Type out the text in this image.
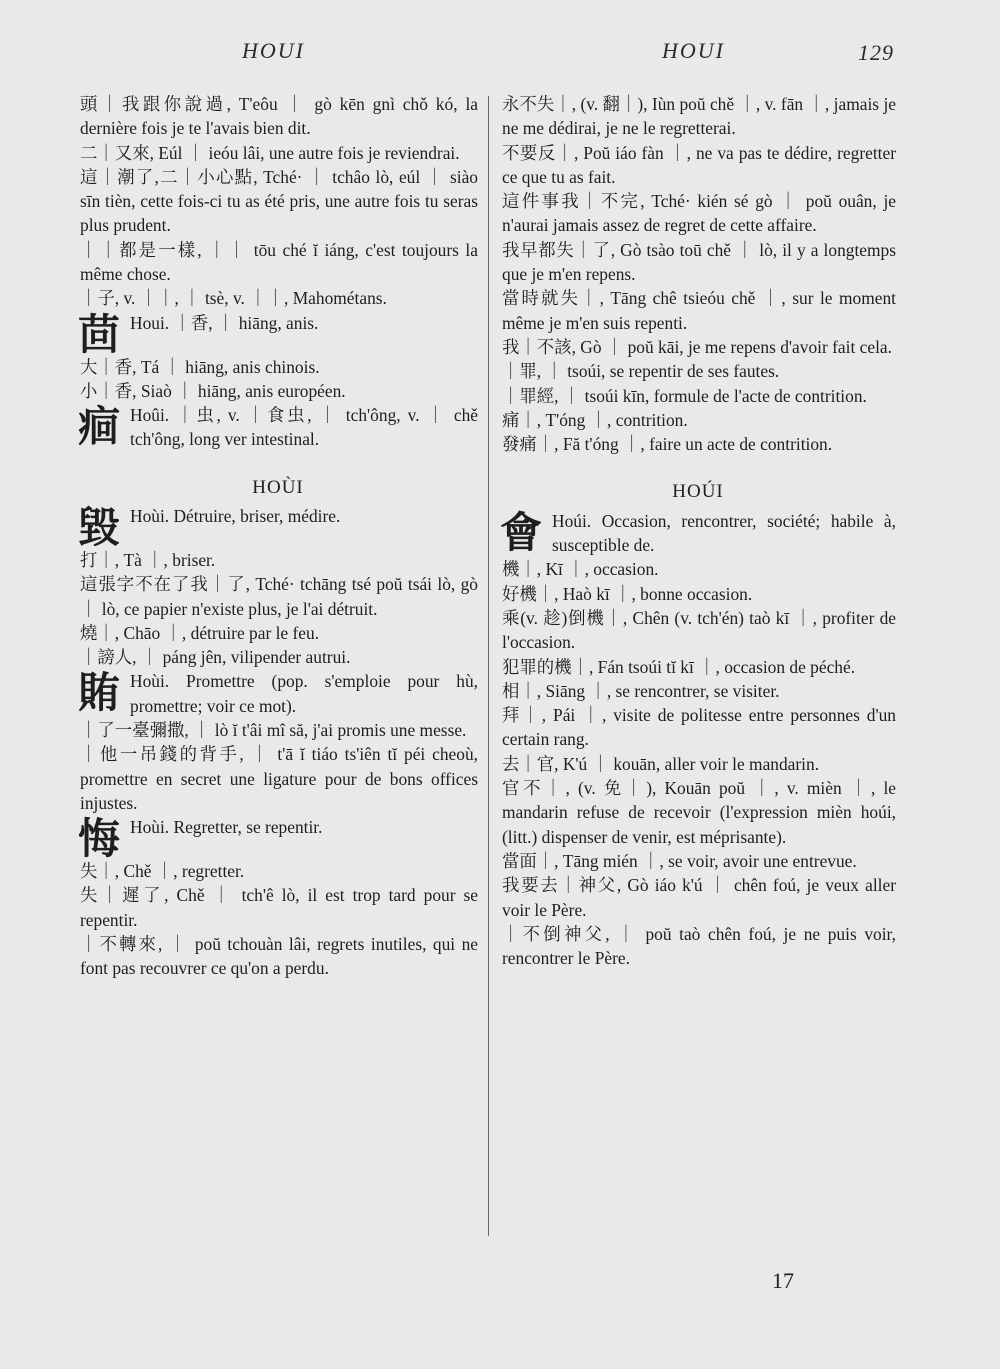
HOUI	HOUI	129

頭｜我跟你說過, T'eôu ｜ gò kēn gnì chǒ kó, la dernière fois je te l'avais bien dit.

二｜又來, Eúl ｜ ieóu lâi, une autre fois je reviendrai.

這｜潮了,二｜小心點, Tché· ｜ tchâo lò, eúl ｜ siào sīn tièn, cette fois-ci tu as été pris, une autre fois tu seras plus prudent.

｜｜都是一樣, ｜｜ tōu ché ĭ iáng, c'est toujours la même chose.

｜子, v. ｜｜, ｜ tsè, v. ｜｜, Mahométans.

茴 Houi. ｜香, ｜ hiāng, anis.

大｜香, Tá ｜ hiāng, anis chinois.

小｜香, Siaò ｜ hiāng, anis européen.

痐 Hoûi. ｜虫, v. ｜食虫, ｜ tch'ông, v. ｜ chě tch'ông, long ver intestinal.

HOÙI

毀 Hoùi. Détruire, briser, médire.

打｜, Tà ｜, briser.

這張字不在了我｜了, Tché· tchāng tsé poŭ tsái lò, gò ｜ lò, ce papier n'existe plus, je l'ai détruit.

燒｜, Chāo ｜, détruire par le feu.

｜謗人, ｜ páng jên, vilipender autrui.

賄 Hoùi. Promettre (pop. s'emploie pour hù, promettre; voir ce mot).

｜了一臺彌撒, ｜ lò ĭ t'âi mî să, j'ai promis une messe.

｜他一吊錢的背手, ｜ t'ā ĭ tiáo ts'iên tĭ péi cheoù, promettre en secret une ligature pour de bons offices injustes.

悔 Hoùi. Regretter, se repentir.

失｜, Chě ｜, regretter.

失｜遲了, Chě ｜ tch'ê lò, il est trop tard pour se repentir.

｜不轉來, ｜ poŭ tchouàn lâi, regrets inutiles, qui ne font pas recouvrer ce qu'on a perdu.

永不失｜, (v. 翻｜), Iùn poŭ chě ｜, v. fān ｜, jamais je ne me dédirai, je ne le regretterai.

不要反｜, Poŭ iáo fàn ｜, ne va pas te dédire, regretter ce que tu as fait.

這件事我｜不完, Tché· kién sé gò ｜ poŭ ouân, je n'aurai jamais assez de regret de cette affaire.

我早都失｜了, Gò tsào toū chě ｜ lò, il y a longtemps que je m'en repens.

當時就失｜, Tāng chê tsieóu chě ｜, sur le moment même je m'en suis repenti.

我｜不該, Gò ｜ poŭ kāi, je me repens d'avoir fait cela.

｜罪, ｜ tsoúi, se repentir de ses fautes.

｜罪經, ｜ tsoúi kīn, formule de l'acte de contrition.

痛｜, T'óng ｜, contrition.

發痛｜, Fă t'óng ｜, faire un acte de contrition.

HOÚI

會 Hoúi. Occasion, rencontrer, société; habile à, susceptible de.

機｜, Kī ｜, occasion.

好機｜, Haò kī ｜, bonne occasion.

乘(v. 趁)倒機｜, Chên (v. tch'én) taò kī ｜, profiter de l'occasion.

犯罪的機｜, Fán tsoúi tĭ kī ｜, occasion de péché.

相｜, Siāng ｜, se rencontrer, se visiter.

拜｜, Pái ｜, visite de politesse entre personnes d'un certain rang.

去｜官, K'ú ｜ kouān, aller voir le mandarin.

官不｜, (v. 免｜), Kouān poŭ ｜, v. mièn ｜, le mandarin refuse de recevoir (l'expression mièn hoúi, (litt.) dispenser de venir, est méprisante).

當面｜, Tāng mién ｜, se voir, avoir une entrevue.

我要去｜神父, Gò iáo k'ú ｜ chên foú, je veux aller voir le Père.

｜不倒神父, ｜ poŭ taò chên foú, je ne puis voir, rencontrer le Père.

17
